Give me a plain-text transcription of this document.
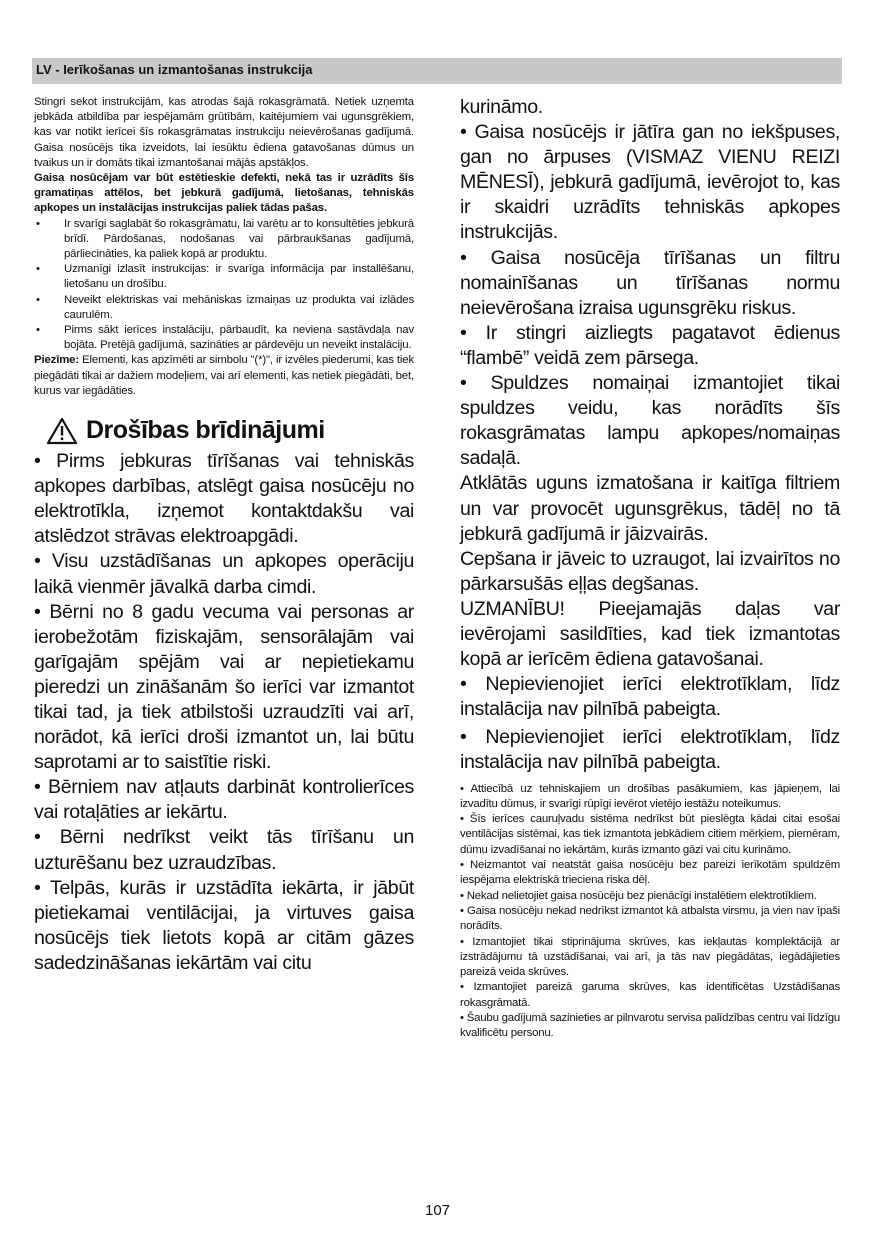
LV - Ierīkošanas un izmantošanas instrukcija

Stingri sekot instrukcijām, kas atrodas šajā rokasgrāmatā. Netiek uzņemta jebkāda atbildība par iespējamām grūtībām, kaitējumiem vai ugunsgrēkiem, kas var notikt ierīcei šīs rokasgrāmatas instrukciju neievērošanas gadījumā. Gaisa nosūcējs tika izveidots, lai iesūktu ēdiena gatavošanas dūmus un tvaikus un ir domāts tikai izmantošanai mājās apstākļos.

Gaisa nosūcējam var būt estētieskie defekti, nekā tas ir uzrādīts šīs gramatiņas attēlos, bet jebkurā gadījumā, lietošanas, tehniskās apkopes un instalācijas instrukcijas paliek tādas pašas.

• Ir svarīgi saglabāt šo rokasgrāmatu, lai varētu ar to konsultēties jebkurā brīdī. Pārdošanas, nodošanas vai pārbraukšanas gadījumā, pārliecināties, ka paliek kopā ar produktu.
• Uzmanīgi izlasīt instrukcijas: ir svarīga informācija par installēšanu, lietošanu un drošību.
• Neveikt elektriskas vai mehāniskas izmaiņas uz produkta vai izlādes caurulēm.
• Pirms sākt ierīces instalāciju, pārbaudīt, ka neviena sastāvdaļa nav bojāta. Pretējā gadījumā, sazināties ar pārdevēju un neveikt instalāciju.

Piezīme: Elementi, kas apzīmēti ar simbolu "(*)", ir izvēles piederumi, kas tiek piegādāti tikai ar dažiem modeļiem, vai arī elementi, kas netiek piegādāti, bet, kurus var iegādāties.

Drošības brīdinājumi

• Pirms jebkuras tīrīšanas vai tehniskās apkopes darbības, atslēgt gaisa nosūcēju no elektrotīkla, izņemot kontaktdakšu vai atslēdzot strāvas elektroapgādi.

• Visu uzstādīšanas un apkopes operāciju laikā vienmēr jāvalkā darba cimdi.

• Bērni no 8 gadu vecuma vai personas ar ierobežotām fiziskajām, sensorālajām vai garīgajām spējām vai ar nepietiekamu pieredzi un zināšanām šo ierīci var izmantot tikai tad, ja tiek atbilstoši uzraudzīti vai arī, norādot, kā ierīci droši izmantot un, lai būtu saprotami ar to saistītie riski.

• Bērniem nav atļauts darbināt kontrolierīces vai rotaļāties ar iekārtu.

• Bērni nedrīkst veikt tās tīrīšanu un uzturēšanu bez uzraudzības.

• Telpās, kurās ir uzstādīta iekārta, ir jābūt pietiekamai ventilācijai, ja virtuves gaisa nosūcējs tiek lietots kopā ar citām gāzes sadedzināšanas iekārtām vai citu

kurināmo.

• Gaisa nosūcējs ir jātīra gan no iekšpuses, gan no ārpuses (VISMAZ VIENU REIZI MĒNESĪ), jebkurā gadījumā, ievērojot to, kas ir skaidri uzrādīts tehniskās apkopes instrukcijās.

• Gaisa nosūcēja tīrīšanas un filtru nomainīšanas un tīrīšanas normu neievērošana izraisa ugunsgrēku riskus.

• Ir stingri aizliegts pagatavot ēdienus “flambē” veidā zem pārsega.

• Spuldzes nomaiņai izmantojiet tikai spuldzes veidu, kas norādīts šīs rokasgrāmatas lampu apkopes/nomaiņas sadaļā.

Atklātās uguns izmatošana ir kaitīga filtriem un var provocēt ugunsgrēkus, tādēļ no tā jebkurā gadījumā ir jāizvairās.

Cepšana ir jāveic to uzraugot, lai izvairītos no pārkarsušās eļļas degšanas.

UZMANĪBU! Pieejamajās daļas var ievērojami sasildīties, kad tiek izmantotas kopā ar ierīcēm ēdiena gatavošanai.

• Nepievienojiet ierīci elektrotīklam, līdz instalācija nav pilnībā pabeigta.

• Nepievienojiet ierīci elektrotīklam, līdz instalācija nav pilnībā pabeigta.

• Attiecībā uz tehniskajiem un drošības pasākumiem, kas jāpieņem, lai izvadītu dūmus, ir svarīgi rūpīgi ievērot vietējo iestāžu noteikumus.

• Šīs ierīces cauruļvadu sistēma nedrīkst būt pieslēgta kādai citai esošai ventilācijas sistēmai, kas tiek izmantota jebkādiem citiem mērķiem, piemēram, dūmu izvadīšanai no iekārtām, kurās izmanto gāzi vai citu kurināmo.

• Neizmantot vai neatstāt gaisa nosūcēju bez pareizi ierīkotām spuldzēm iespējama elektriskā trieciena riska dēļ.

• Nekad nelietojiet gaisa nosūcēju bez pienācīgi instalētiem elektrotīkliem.

• Gaisa nosūcēju nekad nedrīkst izmantot kā atbalsta virsmu, ja vien nav īpaši norādīts.

• Izmantojiet tikai stiprinājuma skrūves, kas iekļautas komplektācijā ar izstrādājumu tā uzstādīšanai, vai arī, ja tās nav piegādātas, iegādājieties pareizā veida skrūves.

• Izmantojiet pareizā garuma skrūves, kas identificētas Uzstādīšanas rokasgrāmatā.

• Šaubu gadījumā sazinieties ar pilnvarotu servisa palīdzības centru vai līdzīgu kvalificētu personu.

107
